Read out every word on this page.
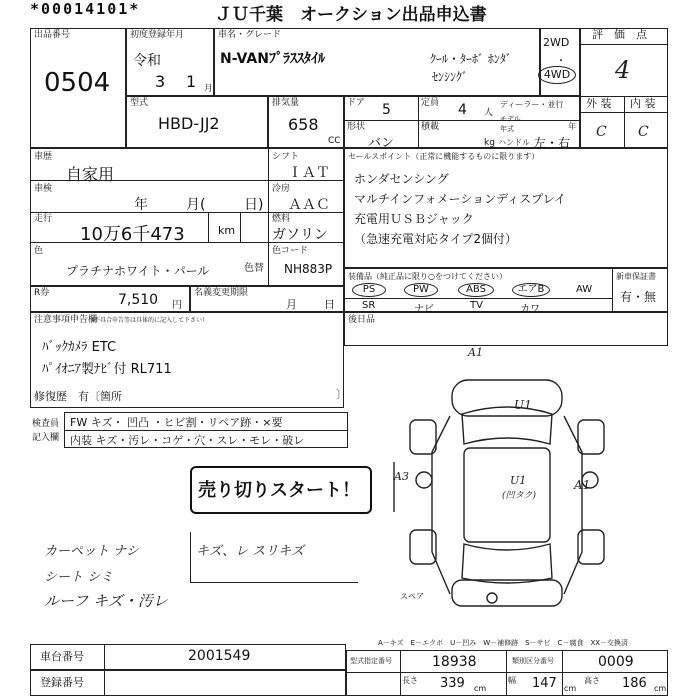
*00014101*	ＪＵ千葉　オークション出品申込書
出品番号
0504
初度登録年月
令和
3 1 月
車名・グレード
N-VANﾌﾟﾗｽｽﾀｲﾙ	ｸｰﾙ・ﾀｰﾎﾞ ﾎﾝﾀﾞ
ｾﾝｼﾝｸﾞ
2WD
・
4WD
評　価　点
4
外 装 内 装
C C
型式
HBD-JJ2
排気量
658
CC
ドア 5	定員 4 人
ディーラー・並行
モデル年式	年
形状
バン
積載
kg ハンドル 左・右
車歴
自家用
車検
年	月(	日)
走行
10万6千473	km
色
プラチナホワイト・パール	色替
シフト
ＩＡＴ
冷房
ＡＡＣ
燃料
ガソリン
色コード
NH883P
セールスポイント（正常に機能するものに限ります）
ホンダセンシング
マルチインフォメーションディスプレイ
充電用ＵＳＢジャック
（急速充電対応タイプ2個付）
装備品（純正品に限り○をつけてください）	新車保証書
有・無
PS	PW	ABS	エアB	AW
SR	ナビ	TV	カワ
R券	7,510 円
名義変更期限
月 日
注意事項申告欄
（不具合申告等は具体的に記入して下さい）
ﾊﾞｯｸｶﾒﾗ ETC
ﾊﾟｲｵﾆｱ製ﾅﾋﾞ付 RL711
修復歴　有〔箇所	〕
後日品
検査員
記入欄
FW キズ・ 凹凸 ・ヒビ割・リペア跡・×要
内装 キズ・汚レ・コゲ・穴・スレ・モレ・破レ
売り切りスタート！
カーペット ナシ
シート シミ
ルーフ キズ・汚レ
キズ、レ スリキズ
A1
U1
U1
(凹タク)
A3
A1
スペア
A－キズ　E－エクボ　U－凹み　W－補修跡　S－サビ　C－腐食　XX－交換済
車台番号	2001549
登録番号
型式指定番号	18938	類別区分番号	0009
長さ 339 cm
幅 147 cm
高さ 186 cm
